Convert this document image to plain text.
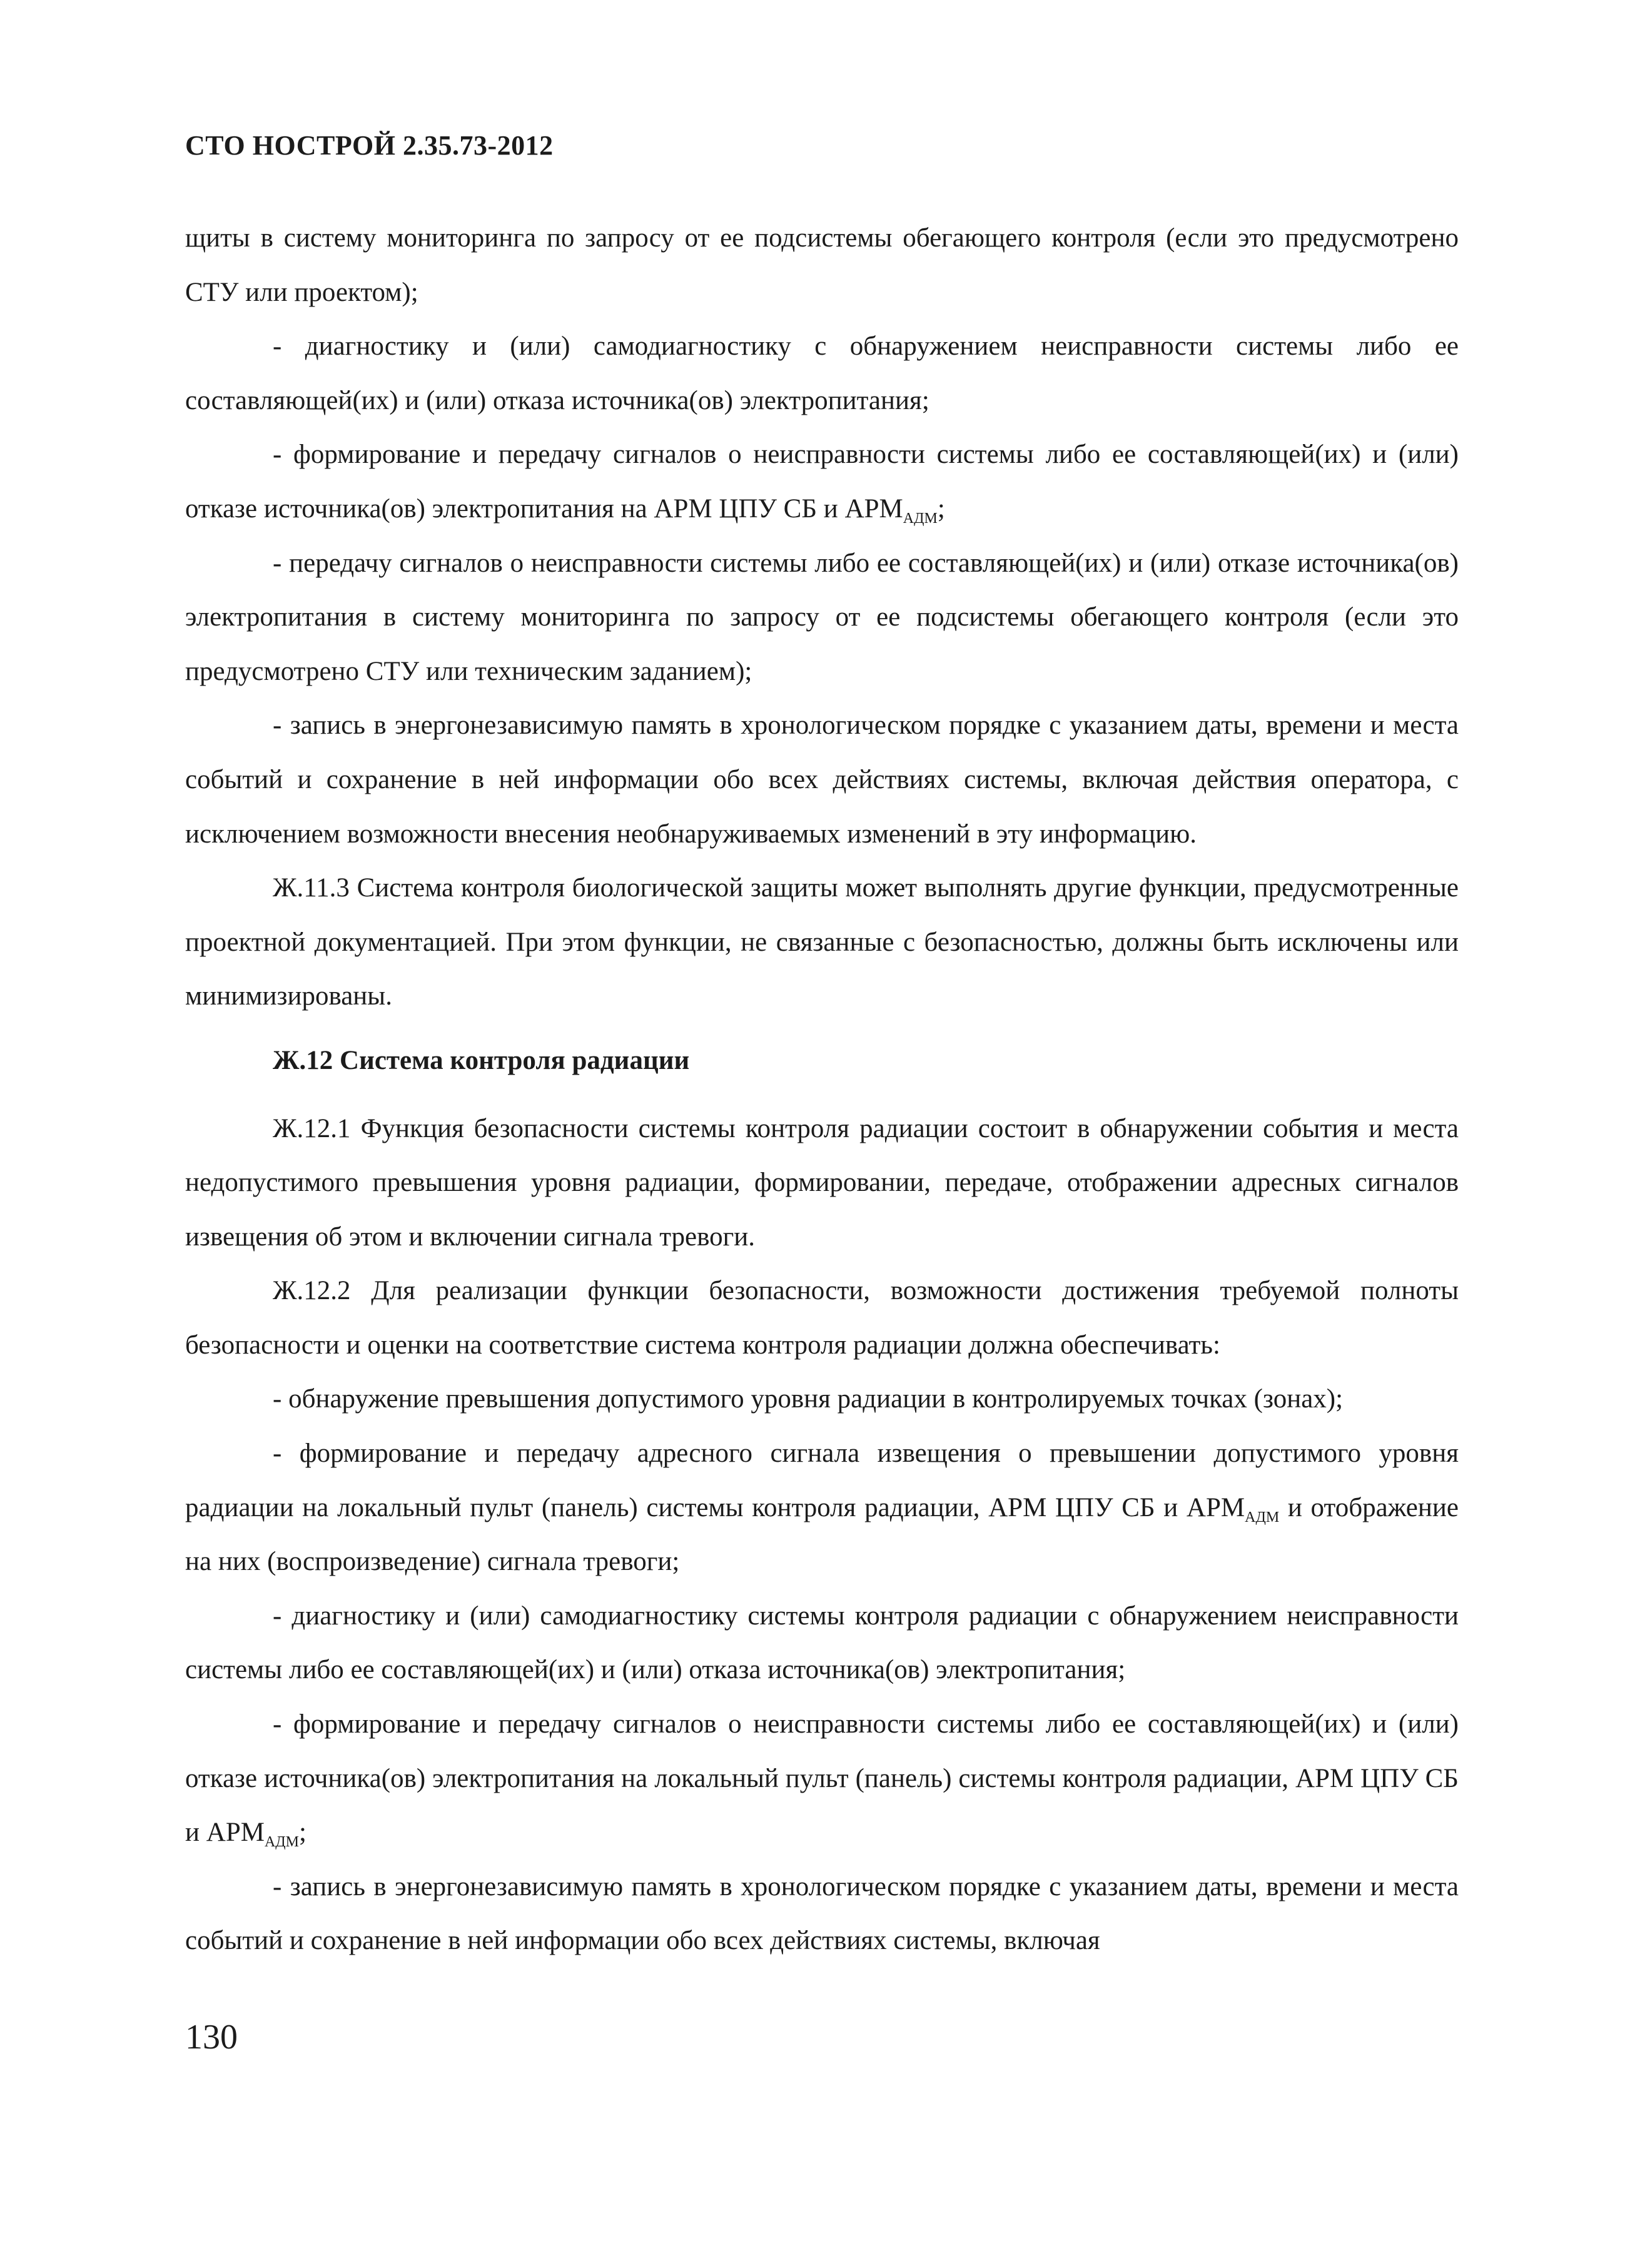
СТО НОСТРОЙ 2.35.73-2012

щиты в систему мониторинга по запросу от ее подсистемы обегающего контроля (если это предусмотрено СТУ или проектом);

- диагностику и (или) самодиагностику с обнаружением неисправности системы либо ее составляющей(их) и (или) отказа источника(ов) электропитания;

- формирование и передачу сигналов о неисправности системы либо ее составляющей(их) и (или) отказе источника(ов) электропитания на АРМ ЦПУ СБ и $АРМ_{АДМ}$;

- передачу сигналов о неисправности системы либо ее составляющей(их) и (или) отказе источника(ов) электропитания в систему мониторинга по запросу от ее подсистемы обегающего контроля (если это предусмотрено СТУ или техническим заданием);

- запись в энергонезависимую память в хронологическом порядке с указанием даты, времени и места событий и сохранение в ней информации обо всех действиях системы, включая действия оператора, с исключением возможности внесения необнаруживаемых изменений в эту информацию.

Ж.11.3 Система контроля биологической защиты может выполнять другие функции, предусмотренные проектной документацией. При этом функции, не связанные с безопасностью, должны быть исключены или минимизированы.

Ж.12 Система контроля радиации

Ж.12.1 Функция безопасности системы контроля радиации состоит в обнаружении события и места недопустимого превышения уровня радиации, формировании, передаче, отображении адресных сигналов извещения об этом и включении сигнала тревоги.

Ж.12.2 Для реализации функции безопасности, возможности достижения требуемой полноты безопасности и оценки на соответствие система контроля радиации должна обеспечивать:

- обнаружение превышения допустимого уровня радиации в контролируемых точках (зонах);

- формирование и передачу адресного сигнала извещения о превышении допустимого уровня радиации на локальный пульт (панель) системы контроля радиации, АРМ ЦПУ СБ и $АРМ_{АДМ}$ и отображение на них (воспроизведение) сигнала тревоги;

- диагностику и (или) самодиагностику системы контроля радиации с обнаружением неисправности системы либо ее составляющей(их) и (или) отказа источника(ов) электропитания;

- формирование и передачу сигналов о неисправности системы либо ее составляющей(их) и (или) отказе источника(ов) электропитания на локальный пульт (панель) системы контроля радиации, АРМ ЦПУ СБ и $АРМ_{АДМ}$;

- запись в энергонезависимую память в хронологическом порядке с указанием даты, времени и места событий и сохранение в ней информации обо всех действиях системы, включая

130
